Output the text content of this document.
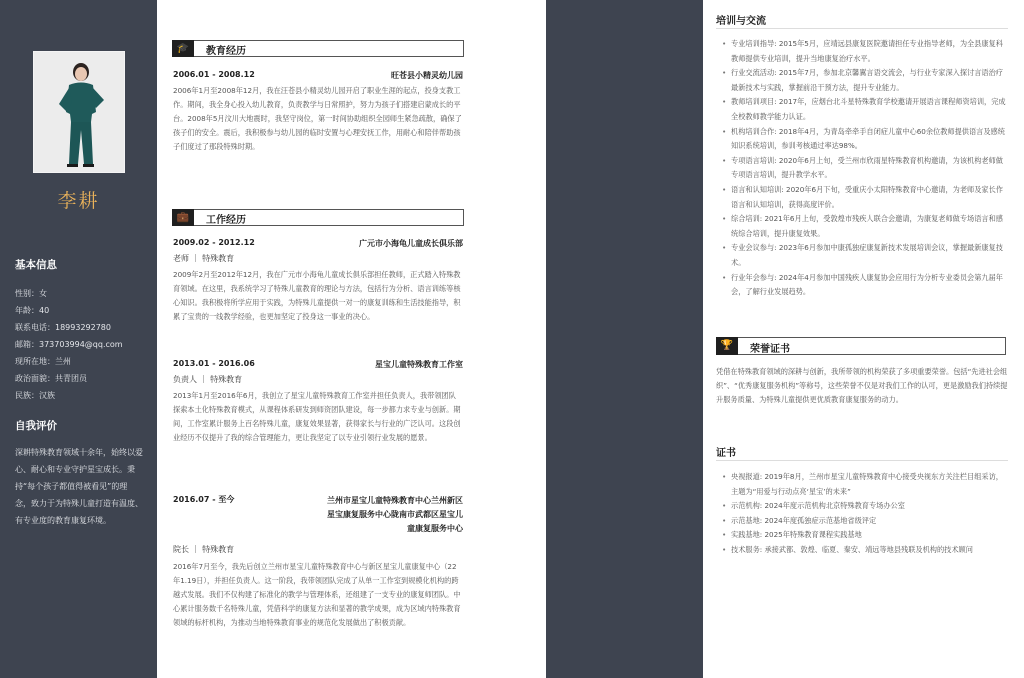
李耕
基本信息
性别：女
年龄：40
联系电话：18993292780
邮箱：373703994@qq.com
现所在地：兰州
政治面貌：共青团员
民族：汉族
自我评价
深耕特殊教育领域十余年，始终以爱心、耐心和专业守护星宝成长。秉持“每个孩子都值得被看见”的理念，致力于为特殊儿童打造有温度、有专业度的教育康复环境。
🎓	教育经历
2006.01 - 2008.12	旺苍县小精灵幼儿园
2006年1月至2008年12月，我在汪苍县小精灵幼儿园开启了职业生涯的起点，投身支教工作。期间，我全身心投入幼儿教育，负责教学与日常照护，努力为孩子们搭建启蒙成长的平台。2008年5月汶川大地震时，我坚守岗位，第一时间协助组织全园师生紧急疏散，确保了孩子们的安全。震后，我积极参与幼儿园的临时安置与心理安抚工作，用耐心和陪伴帮助孩子们度过了那段特殊时期。
💼	工作经历
2009.02 - 2012.12	广元市小海龟儿童成长俱乐部
老师 ｜ 特殊教育
2009年2月至2012年12月，我在广元市小海龟儿童成长俱乐部担任教师，正式踏入特殊教育领域。在这里，我系统学习了特殊儿童教育的理论与方法，包括行为分析、语言训练等核心知识。我积极将所学应用于实践，为特殊儿童提供一对一的康复训练和生活技能指导，积累了宝贵的一线教学经验，也更加坚定了投身这一事业的决心。
2013.01 - 2016.06	星宝儿童特殊教育工作室
负责人 ｜ 特殊教育
2013年1月至2016年6月，我创立了星宝儿童特殊教育工作室并担任负责人，我带领团队探索本土化特殊教育模式，从课程体系研发到师资团队建设，每一步都力求专业与创新。期间，工作室累计服务上百名特殊儿童，康复效果显著，获得家长与行业的广泛认可。这段创业经历不仅提升了我的综合管理能力，更让我坚定了以专业引领行业发展的愿景。
2016.07 - 至今	兰州市星宝儿童特殊教育中心兰州新区星宝康复服务中心陇南市武都区星宝儿童康复服务中心
院长 ｜ 特殊教育
2016年7月至今，我先后创立兰州市星宝儿童特殊教育中心与新区星宝儿童康复中心（22年1.19日），并担任负责人。这一阶段，我带领团队完成了从单一工作室到规模化机构的跨越式发展。我们不仅构建了标准化的教学与管理体系，还组建了一支专业的康复师团队。中心累计服务数千名特殊儿童，凭借科学的康复方法和显著的教学成果，成为区域内特殊教育领域的标杆机构，为推动当地特殊教育事业的规范化发展做出了积极贡献。
培训与交流
• 专业培训指导: 2015年5月，应靖远县康复医院邀请担任专业指导老师，为全县康复科教师提供专业培训，提升当地康复治疗水平。
• 行业交流活动: 2015年7月，参加北京馨翼言语交流会，与行业专家深入探讨言语治疗最新技术与实践，掌握前沿干预方法，提升专业能力。
• 教师培训项目: 2017年，应烟台北斗星特殊教育学校邀请开展语言课程师资培训，完成全校教师教学能力认证。
• 机构培训合作: 2018年4月，为青岛牵牵手自闭症儿童中心60余位教师提供语言及感统知识系统培训，参训考核通过率达98%。
• 专项语言培训: 2020年6月上旬，受兰州市欣雨星特殊教育机构邀请，为该机构老师做专项语言培训，提升教学水平。
• 语言和认知培训: 2020年6月下旬，受重庆小太阳特殊教育中心邀请，为老师及家长作语言和认知培训，获得高度评价。
• 综合培训: 2021年6月上旬，受敦煌市残疾人联合会邀请，为康复老师做专场语言和感统综合培训，提升康复效果。
• 专业会议参与: 2023年6月参加中康孤独症康复新技术发展培训会议，掌握最新康复技术。
• 行业年会参与: 2024年4月参加中国残疾人康复协会应用行为分析专业委员会第九届年会，了解行业发展趋势。
🏆	荣誉证书
凭借在特殊教育领域的深耕与创新，我所带领的机构荣获了多项重要荣誉。包括“先进社会组织”、“优秀康复服务机构”等称号，这些荣誉不仅是对我们工作的认可，更是激励我们持续提升服务质量、为特殊儿童提供更优质教育康复服务的动力。
证书
• 央视报道: 2019年8月，兰州市星宝儿童特殊教育中心接受央视东方关注栏目组采访，主题为“用爱与行动点亮‘星宝’的未来”
• 示范机构: 2024年度示范机构北京特殊教育专场办公室
• 示范基地: 2024年度孤独症示范基地省级评定
• 实践基地: 2025年特殊教育课程实践基地
• 技术服务: 承接武都、敦煌、临夏、秦安、靖远等地县残联及机构的技术顾问
